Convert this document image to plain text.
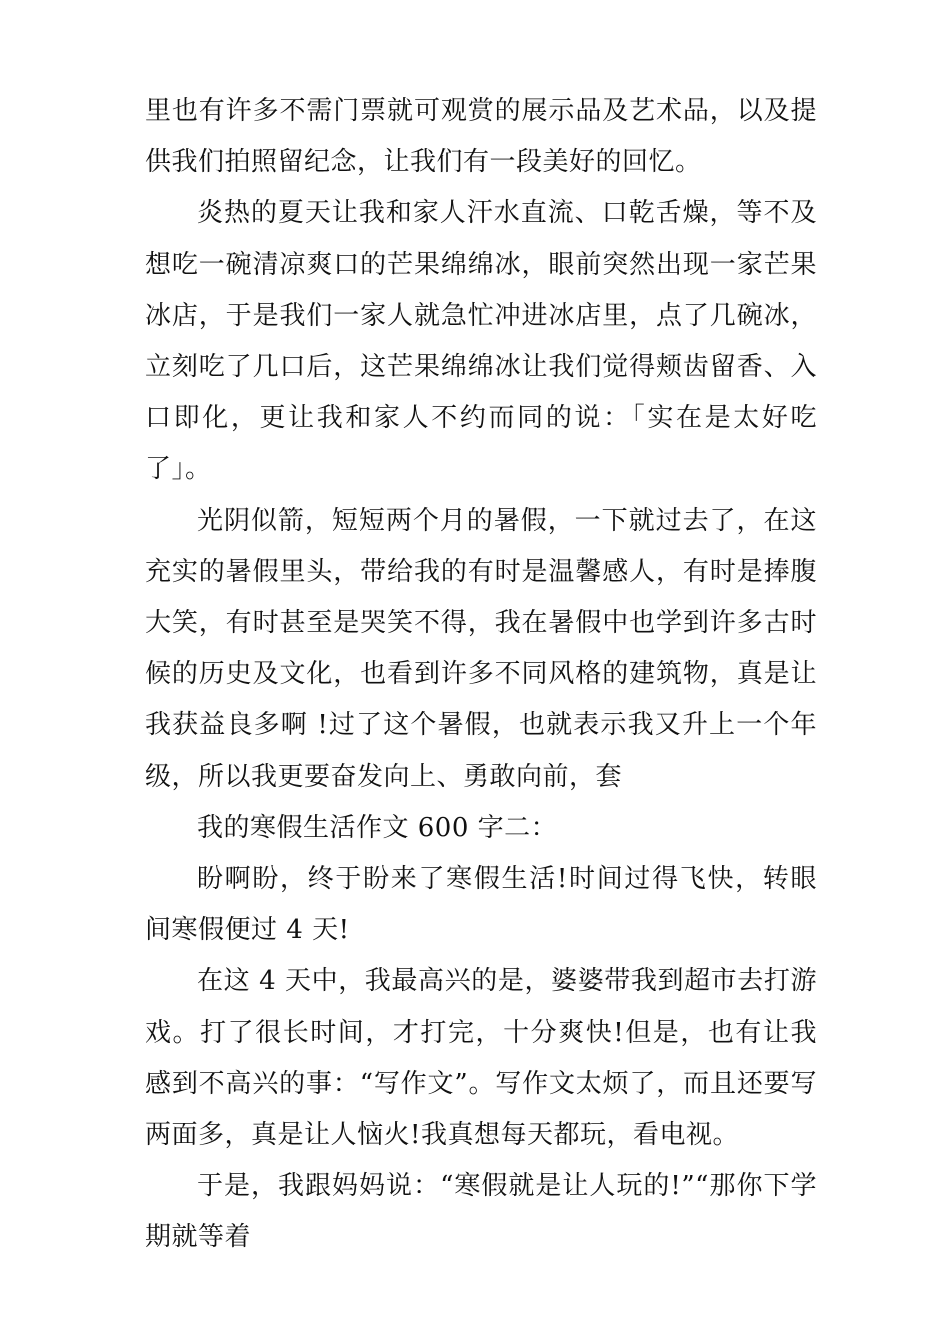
里也有许多不需门票就可观赏的展示品及艺术品，以及提供我们拍照留纪念，让我们有一段美好的回忆。

炎热的夏天让我和家人汗水直流、口乾舌燥，等不及想吃一碗清凉爽口的芒果绵绵冰，眼前突然出现一家芒果冰店，于是我们一家人就急忙冲进冰店里，点了几碗冰，立刻吃了几口后，这芒果绵绵冰让我们觉得颊齿留香、入口即化，更让我和家人不约而同的说：「实在是太好吃了」。

光阴似箭，短短两个月的暑假，一下就过去了，在这充实的暑假里头，带给我的有时是温馨感人，有时是捧腹大笑，有时甚至是哭笑不得，我在暑假中也学到许多古时候的历史及文化，也看到许多不同风格的建筑物，真是让我获益良多啊 !过了这个暑假，也就表示我又升上一个年级，所以我更要奋发向上、勇敢向前，套

我的寒假生活作文 600 字二：

盼啊盼，终于盼来了寒假生活!时间过得飞快，转眼间寒假便过 4 天!

在这 4 天中，我最高兴的是，婆婆带我到超市去打游戏。打了很长时间，才打完，十分爽快!但是，也有让我感到不高兴的事：“写作文”。写作文太烦了，而且还要写两面多，真是让人恼火!我真想每天都玩，看电视。

于是，我跟妈妈说：“寒假就是让人玩的!”“那你下学期就等着
